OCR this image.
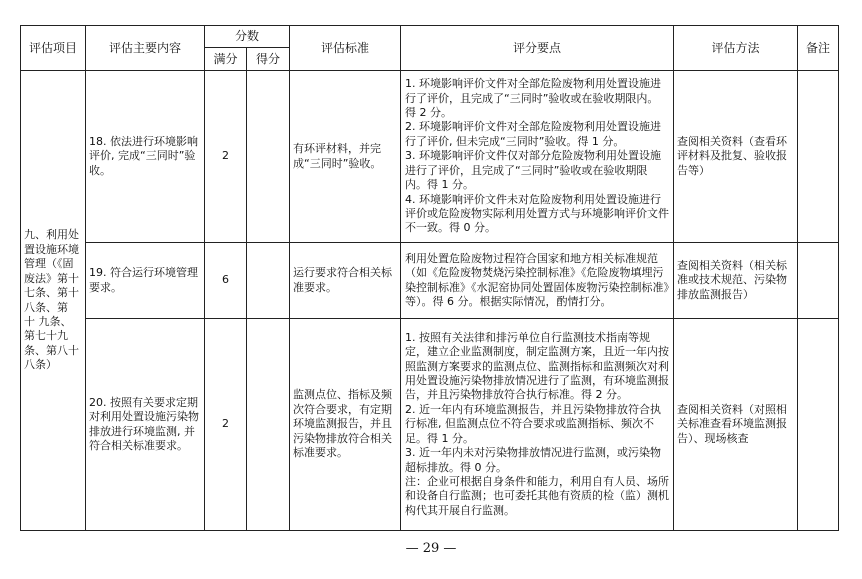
评估项目	评估主要内容	分数		评估标准	评分要点	评估方法	备注
		满分	得分				
九、利用处置设施环境管理（《固废法》第十七条、第十八条、第 十 九条、第七十九条、第八十八条）	18. 依法进行环境影响评价, 完成“三同时”验收。	2		有环评材料，并完成“三同时”验收。	1. 环境影响评价文件对全部危险废物利用处置设施进行了评价，且完成了“三同时”验收或在验收期限内。得 2 分。
2. 环境影响评价文件对全部危险废物利用处置设施进行了评价, 但未完成“三同时”验收。得 1 分。
3. 环境影响评价文件仅对部分危险废物利用处置设施进行了评价，且完成了“三同时”验收或在验收期限内。得 1 分。
4. 环境影响评价文件未对危险废物利用处置设施进行评价或危险废物实际利用处置方式与环境影响评价文件不一致。得 0 分。	查阅相关资料（查看环评材料及批复、验收报告等）	
	19. 符合运行环境管理要求。	6		运行要求符合相关标准要求。	利用处置危险废物过程符合国家和地方相关标准规范（如《危险废物焚烧污染控制标准》《危险废物填埋污染控制标准》《水泥窑协同处置固体废物污染控制标准》等）。得 6 分。根据实际情况，酌情打分。	查阅相关资料（相关标准或技术规范、污染物排放监测报告）	
	20. 按照有关要求定期对利用处置设施污染物排放进行环境监测, 并符合相关标准要求。	2		监测点位、指标及频次符合要求，有定期环境监测报告，并且污染物排放符合相关标准要求。	1. 按照有关法律和排污单位自行监测技术指南等规定，建立企业监测制度，制定监测方案，且近一年内按照监测方案要求的监测点位、监测指标和监测频次对利用处置设施污染物排放情况进行了监测，有环境监测报告，并且污染物排放符合执行标准。得 2 分。
2. 近一年内有环境监测报告，并且污染物排放符合执行标准, 但监测点位不符合要求或监测指标、频次不足。得 1 分。
3. 近一年内未对污染物排放情况进行监测，或污染物超标排放。得 0 分。
注：企业可根据自身条件和能力，利用自有人员、场所和设备自行监测；也可委托其他有资质的检（监）测机构代其开展自行监测。	查阅相关资料（对照相关标准查看环境监测报告）、现场核查	
— 29 —
